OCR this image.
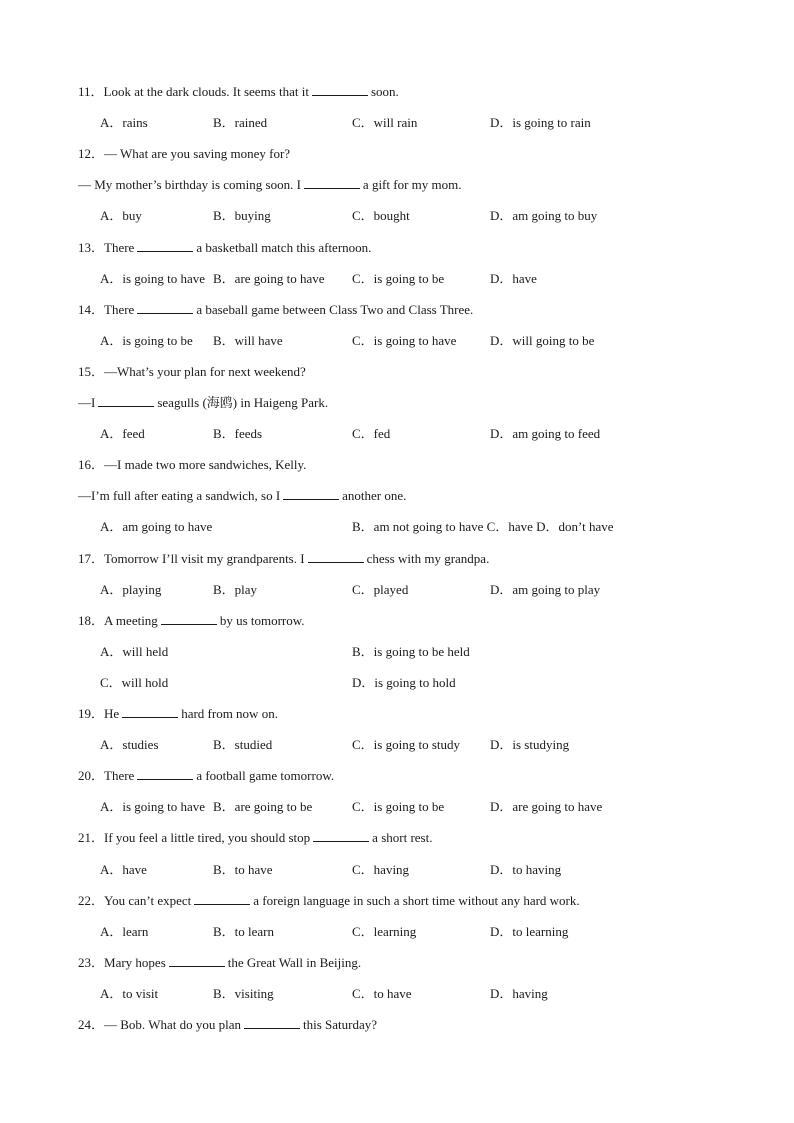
11．Look at the dark clouds. It seems that it	soon.
A．rains	B．rained	C．will rain	D．is going to rain
12．— What are you saving money for?
— My mother’s birthday is coming soon. I	a gift for my mom.
A．buy	B．buying	C．bought	D．am going to buy
13．There	a basketball match this afternoon.
A．is going to have B．are going to have C．is going to be	D．have
14．There	a baseball game between Class Two and Class Three.
A．is going to be B．will have	C．is going to have	D．will going to be
15．—What’s your plan for next weekend?
—I	seagulls (海鸥) in Haigeng Park.
A．feed	B．feeds	C．fed	D．am going to feed
16．—I made two more sandwiches, Kelly.
—I’m full after eating a sandwich, so I	another one.
A．am going to have	B．am not going to have C．have D．don’t have
17．Tomorrow I’ll visit my grandparents. I	chess with my grandpa.
A．playing	B．play	C．played	D．am going to play
18．A meeting	by us tomorrow.
A．will held	B．is going to be held
C．will hold	D．is going to hold
19．He	hard from now on.
A．studies	B．studied	C．is going to study D．is studying
20．There	a football game tomorrow.
A．is going to have B．are going to be	C．is going to be	D．are going to have
21．If you feel a little tired, you should stop	a short rest.
A．have	B．to have	C．having	D．to having
22．You can’t expect	a foreign language in such a short time without any hard work.
A．learn	B．to learn	C．learning	D．to learning
23．Mary hopes	the Great Wall in Beijing.
A．to visit	B．visiting	C．to have	D．having
24．— Bob. What do you plan	this Saturday?
